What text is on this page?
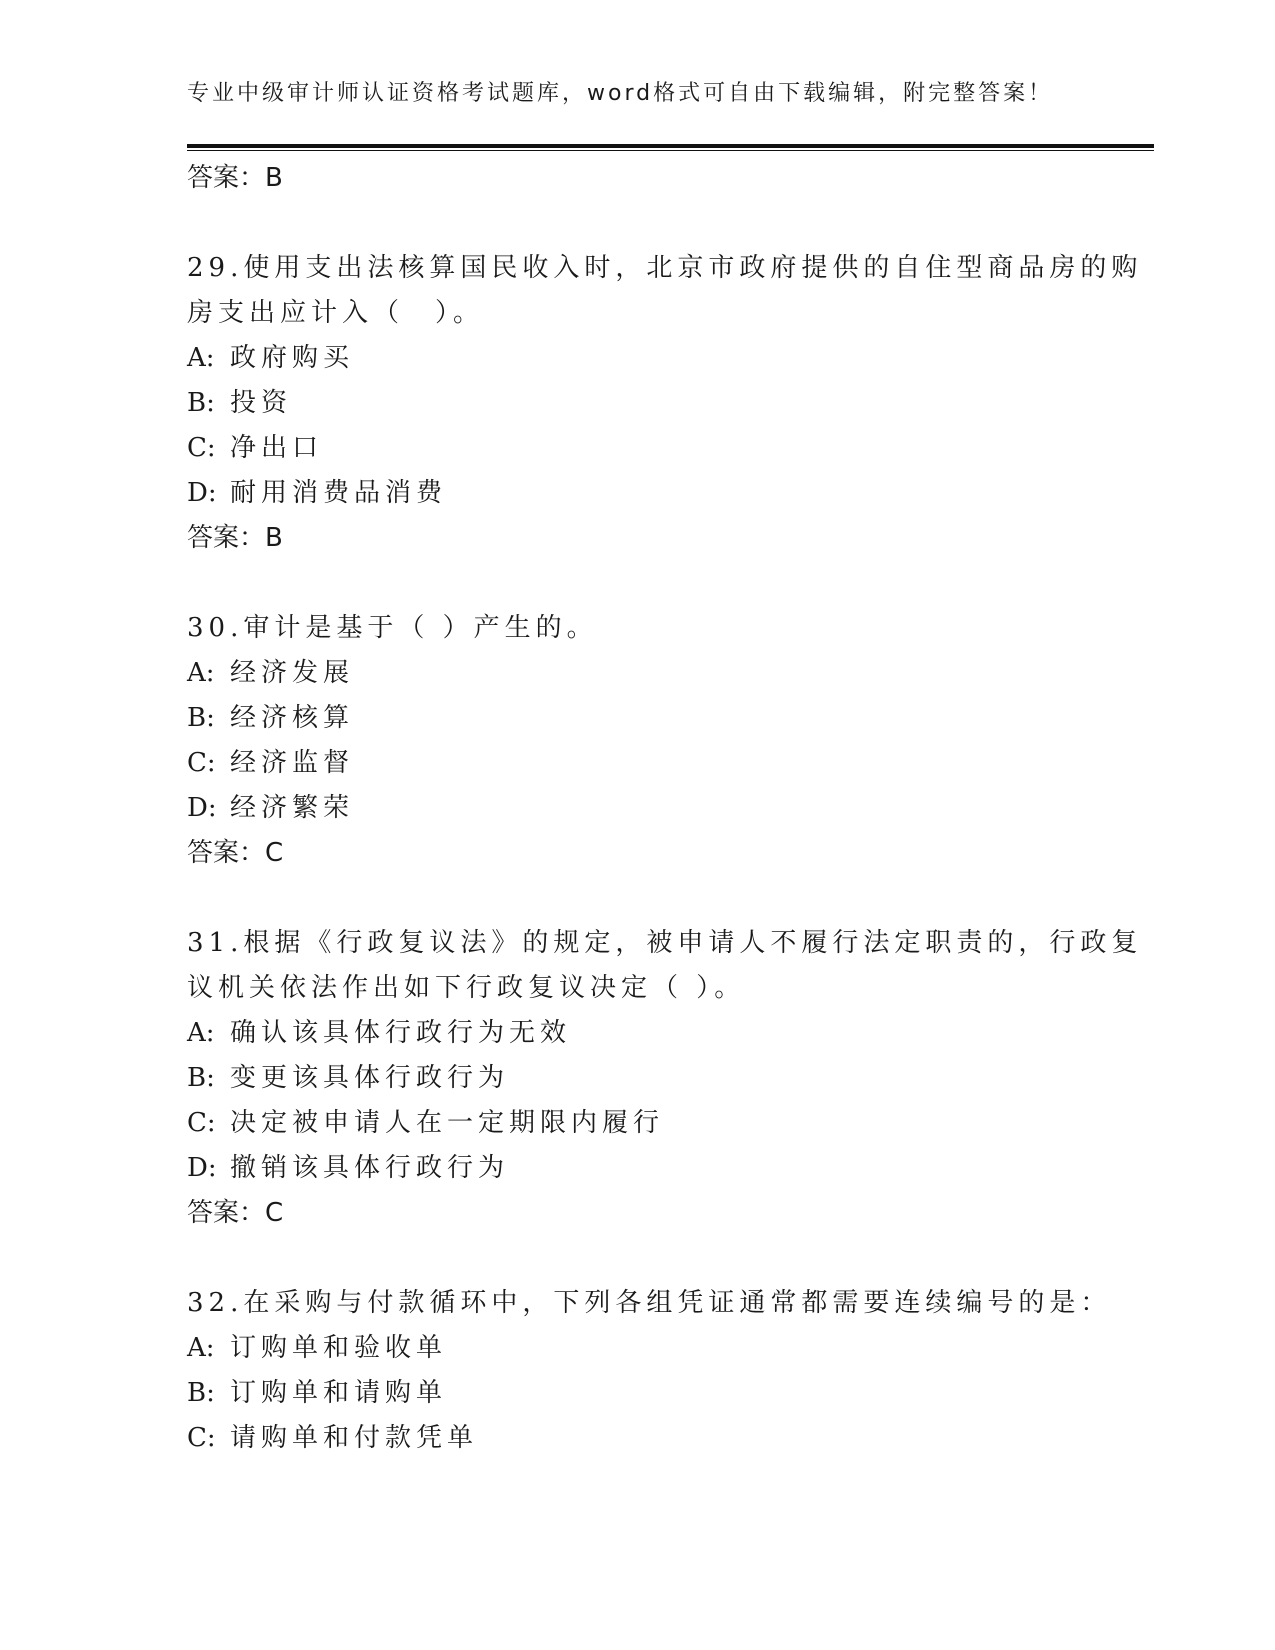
专业中级审计师认证资格考试题库，word格式可自由下载编辑，附完整答案！
答案：B
29.使用支出法核算国民收入时，北京市政府提供的自住型商品房的购
房支出应计入（　）。
A: 政府购买
B: 投资
C: 净出口
D: 耐用消费品消费
答案：B
30.审计是基于（ ）产生的。
A: 经济发展
B: 经济核算
C: 经济监督
D: 经济繁荣
答案：C
31.根据《行政复议法》的规定，被申请人不履行法定职责的，行政复
议机关依法作出如下行政复议决定（ ）。
A: 确认该具体行政行为无效
B: 变更该具体行政行为
C: 决定被申请人在一定期限内履行
D: 撤销该具体行政行为
答案：C
32.在采购与付款循环中，下列各组凭证通常都需要连续编号的是：
A: 订购单和验收单
B: 订购单和请购单
C: 请购单和付款凭单
